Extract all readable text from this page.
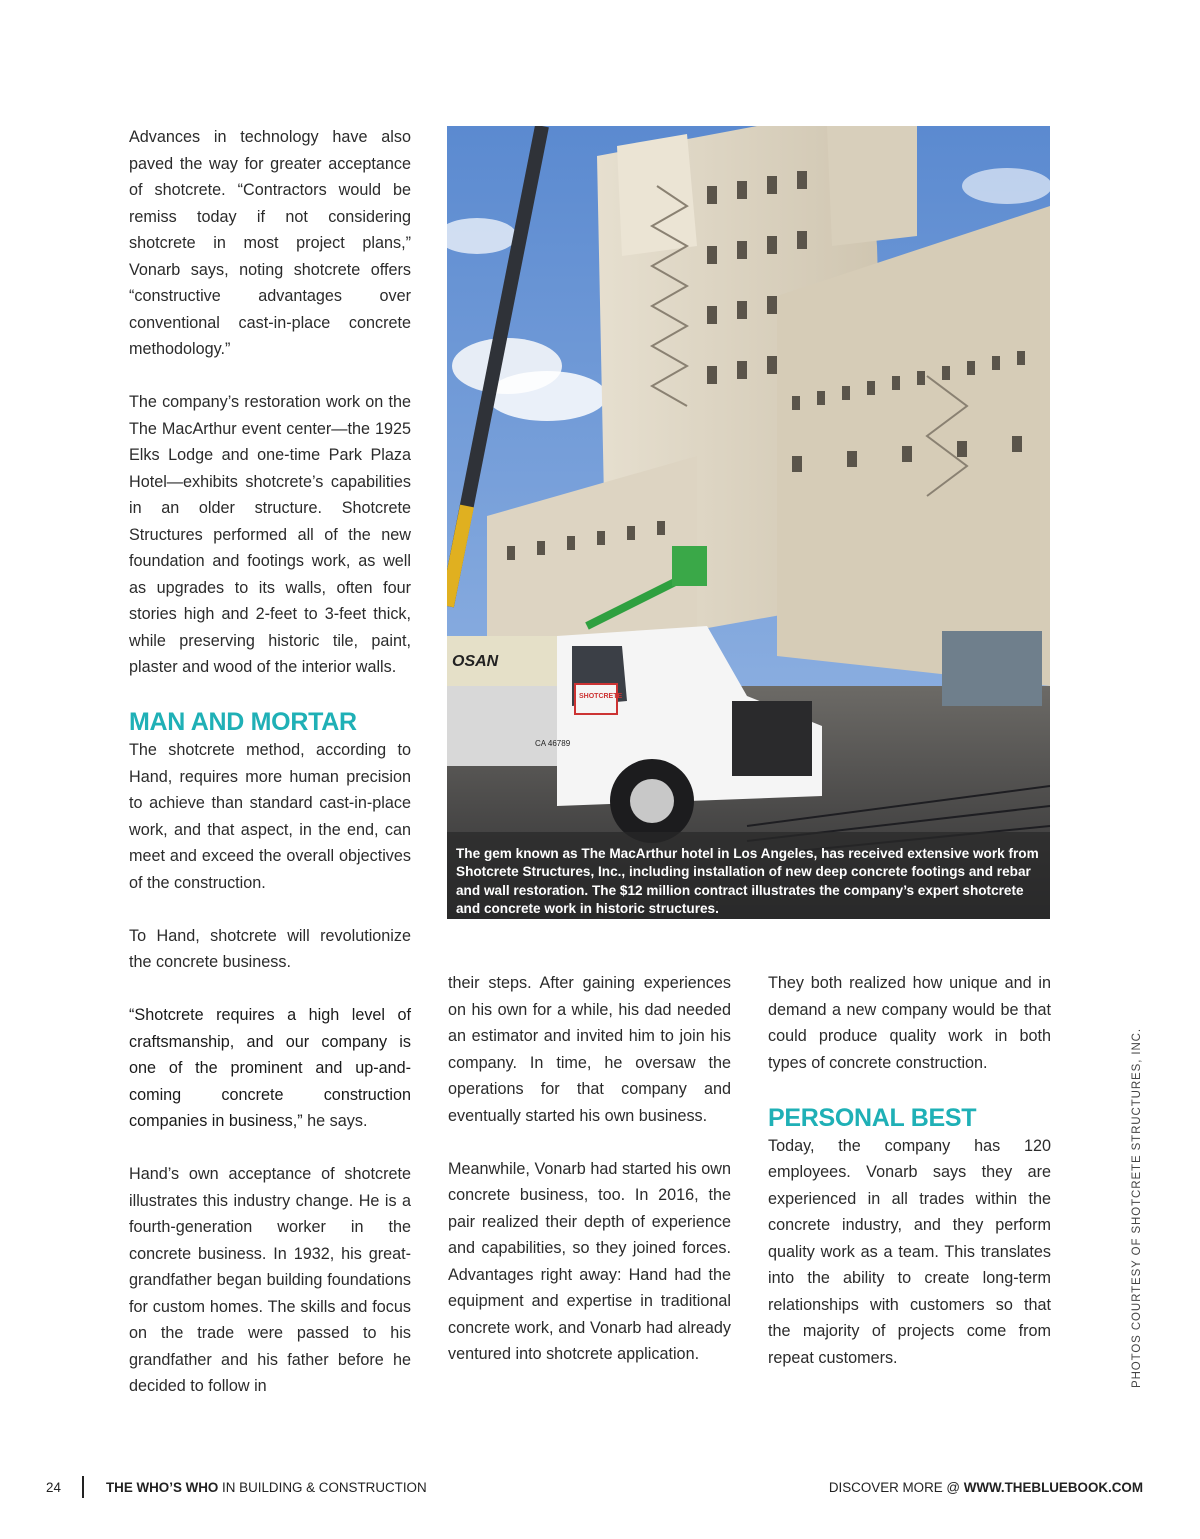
Advances in technology have also paved the way for greater acceptance of shotcrete. “Contractors would be remiss today if not considering shotcrete in most project plans,” Vonarb says, noting shotcrete offers “constructive advantages over conventional cast-in-place concrete methodology.”

The company’s restoration work on the The MacArthur event center—the 1925 Elks Lodge and one-time Park Plaza Hotel—exhibits shotcrete’s capabilities in an older structure. Shotcrete Structures performed all of the new foundation and footings work, as well as upgrades to its walls, often four stories high and 2-feet to 3-feet thick, while preserving historic tile, paint, plaster and wood of the interior walls.

MAN AND MORTAR

The shotcrete method, according to Hand, requires more human precision to achieve than standard cast-in-place work, and that aspect, in the end, can meet and exceed the overall objectives of the construction.

To Hand, shotcrete will revolutionize the concrete business.

“Shotcrete requires a high level of craftsmanship, and our company is one of the prominent and up-and-coming concrete construction companies in business,” he says.

Hand’s own acceptance of shotcrete illustrates this industry change. He is a fourth-generation worker in the concrete business. In 1932, his great-grandfather began building foundations for custom homes. The skills and focus on the trade were passed to his grandfather and his father before he decided to follow in

OSAN
SHOTCRETE
CA 46789
The gem known as The MacArthur hotel in Los Angeles, has received extensive work from Shotcrete Structures, Inc., including installation of new deep concrete footings and rebar and wall restoration. The $12 million contract illustrates the company’s expert shotcrete and concrete work in historic structures.

their steps. After gaining experiences on his own for a while, his dad needed an estimator and invited him to join his company. In time, he oversaw the operations for that company and eventually started his own business.

Meanwhile, Vonarb had started his own concrete business, too. In 2016, the pair realized their depth of experience and capabilities, so they joined forces. Advantages right away: Hand had the equipment and expertise in traditional concrete work, and Vonarb had already ventured into shotcrete application.

They both realized how unique and in demand a new company would be that could produce quality work in both types of concrete construction.

PERSONAL BEST

Today, the company has 120 employees. Vonarb says they are experienced in all trades within the concrete industry, and they perform quality work as a team. This translates into the ability to create long-term relationships with customers so that the majority of projects come from repeat customers.	PHOTOS COURTESY OF SHOTCRETE STRUCTURES, INC.
24	THE WHO’S WHO IN BUILDING & CONSTRUCTION	DISCOVER MORE @ WWW.THEBLUEBOOK.COM
